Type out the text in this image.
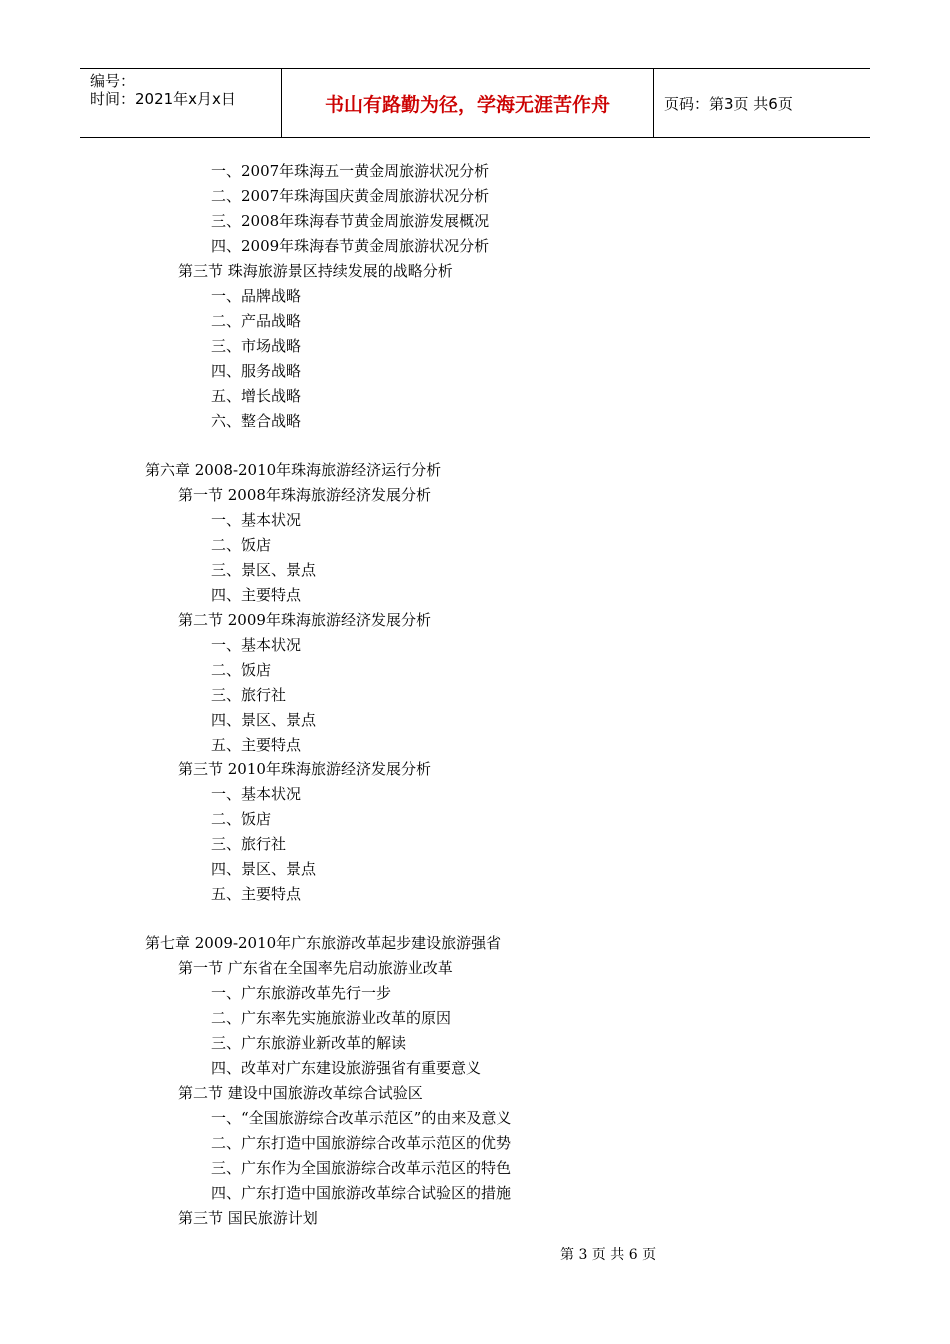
编号：
时间：2021年x月x日	书山有路勤为径，学海无涯苦作舟	页码：第3页 共6页
一、2007年珠海五一黄金周旅游状况分析
二、2007年珠海国庆黄金周旅游状况分析
三、2008年珠海春节黄金周旅游发展概况
四、2009年珠海春节黄金周旅游状况分析
第三节 珠海旅游景区持续发展的战略分析
一、品牌战略
二、产品战略
三、市场战略
四、服务战略
五、增长战略
六、整合战略
第六章 2008-2010年珠海旅游经济运行分析
第一节 2008年珠海旅游经济发展分析
一、基本状况
二、饭店
三、景区、景点
四、主要特点
第二节 2009年珠海旅游经济发展分析
一、基本状况
二、饭店
三、旅行社
四、景区、景点
五、主要特点
第三节 2010年珠海旅游经济发展分析
一、基本状况
二、饭店
三、旅行社
四、景区、景点
五、主要特点
第七章 2009-2010年广东旅游改革起步建设旅游强省
第一节 广东省在全国率先启动旅游业改革
一、广东旅游改革先行一步
二、广东率先实施旅游业改革的原因
三、广东旅游业新改革的解读
四、改革对广东建设旅游强省有重要意义
第二节 建设中国旅游改革综合试验区
一、“全国旅游综合改革示范区”的由来及意义
二、广东打造中国旅游综合改革示范区的优势
三、广东作为全国旅游综合改革示范区的特色
四、广东打造中国旅游改革综合试验区的措施
第三节 国民旅游计划
第 3 页 共 6 页
